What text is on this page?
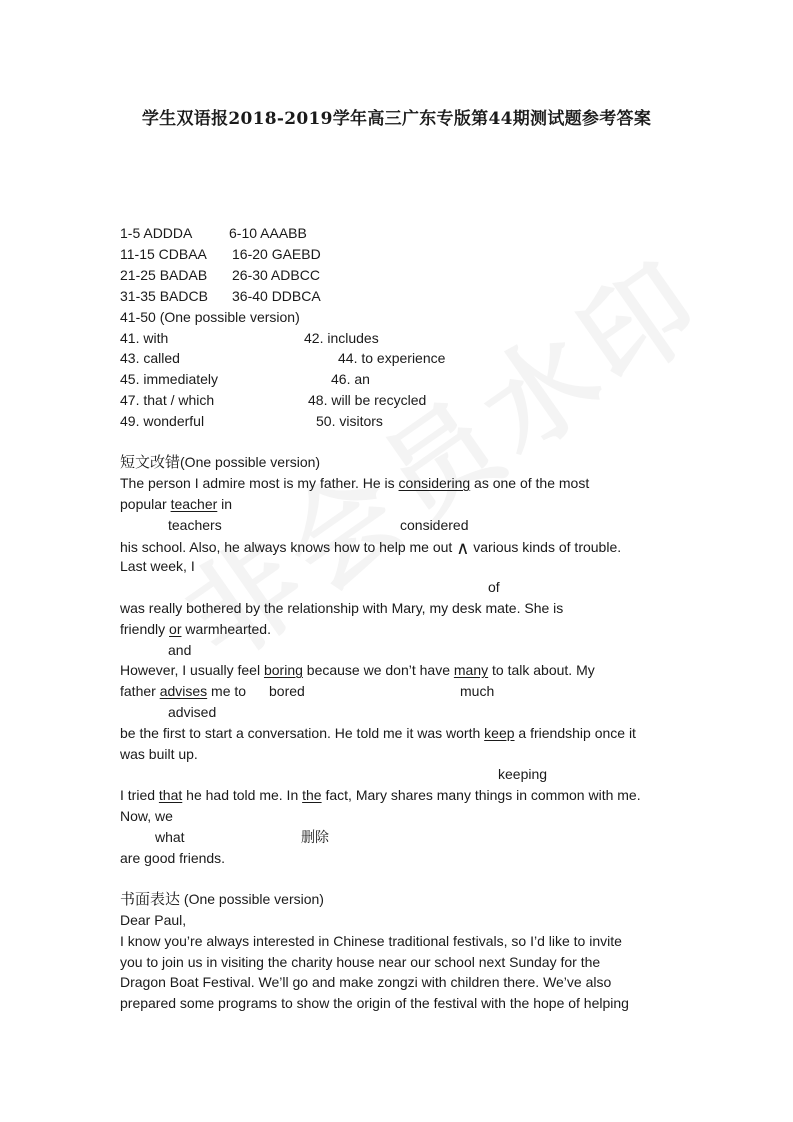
学生双语报2018-2019学年高三广东专版第44期测试题参考答案
1-5 ADDDA	6-10 AAABB
11-15 CDBAA 16-20 GAEBD
21-25 BADAB 26-30 ADBCC
31-35 BADCB 36-40 DDBCA
41-50 (One possible version)
41. with	42. includes
43. called	44. to experience
45. immediately	46. an
47. that / which	48. will be recycled
49. wonderful	50. visitors
短文改错(One possible version)
The person I admire most is my father. He is considering as one of the most
popular teacher in
teachers	considered
his school. Also, he always knows how to help me out ∧ various kinds of trouble.
Last week, I
of
was really bothered by the relationship with Mary, my desk mate. She is
friendly or warmhearted.
and
However, I usually feel boring because we don’t have many to talk about. My
father advises me to bored	much
advised
be the first to start a conversation. He told me it was worth keep a friendship once it
was built up.
keeping
I tried that he had told me. In the fact, Mary shares many things in common with me.
Now, we
what	删除
are good friends.
书面表达 (One possible version)
Dear Paul,
I know you’re always interested in Chinese traditional festivals, so I’d like to invite
you to join us in visiting the charity house near our school next Sunday for the
Dragon Boat Festival. We’ll go and make zongzi with children there. We’ve also
prepared some programs to show the origin of the festival with the hope of helping
